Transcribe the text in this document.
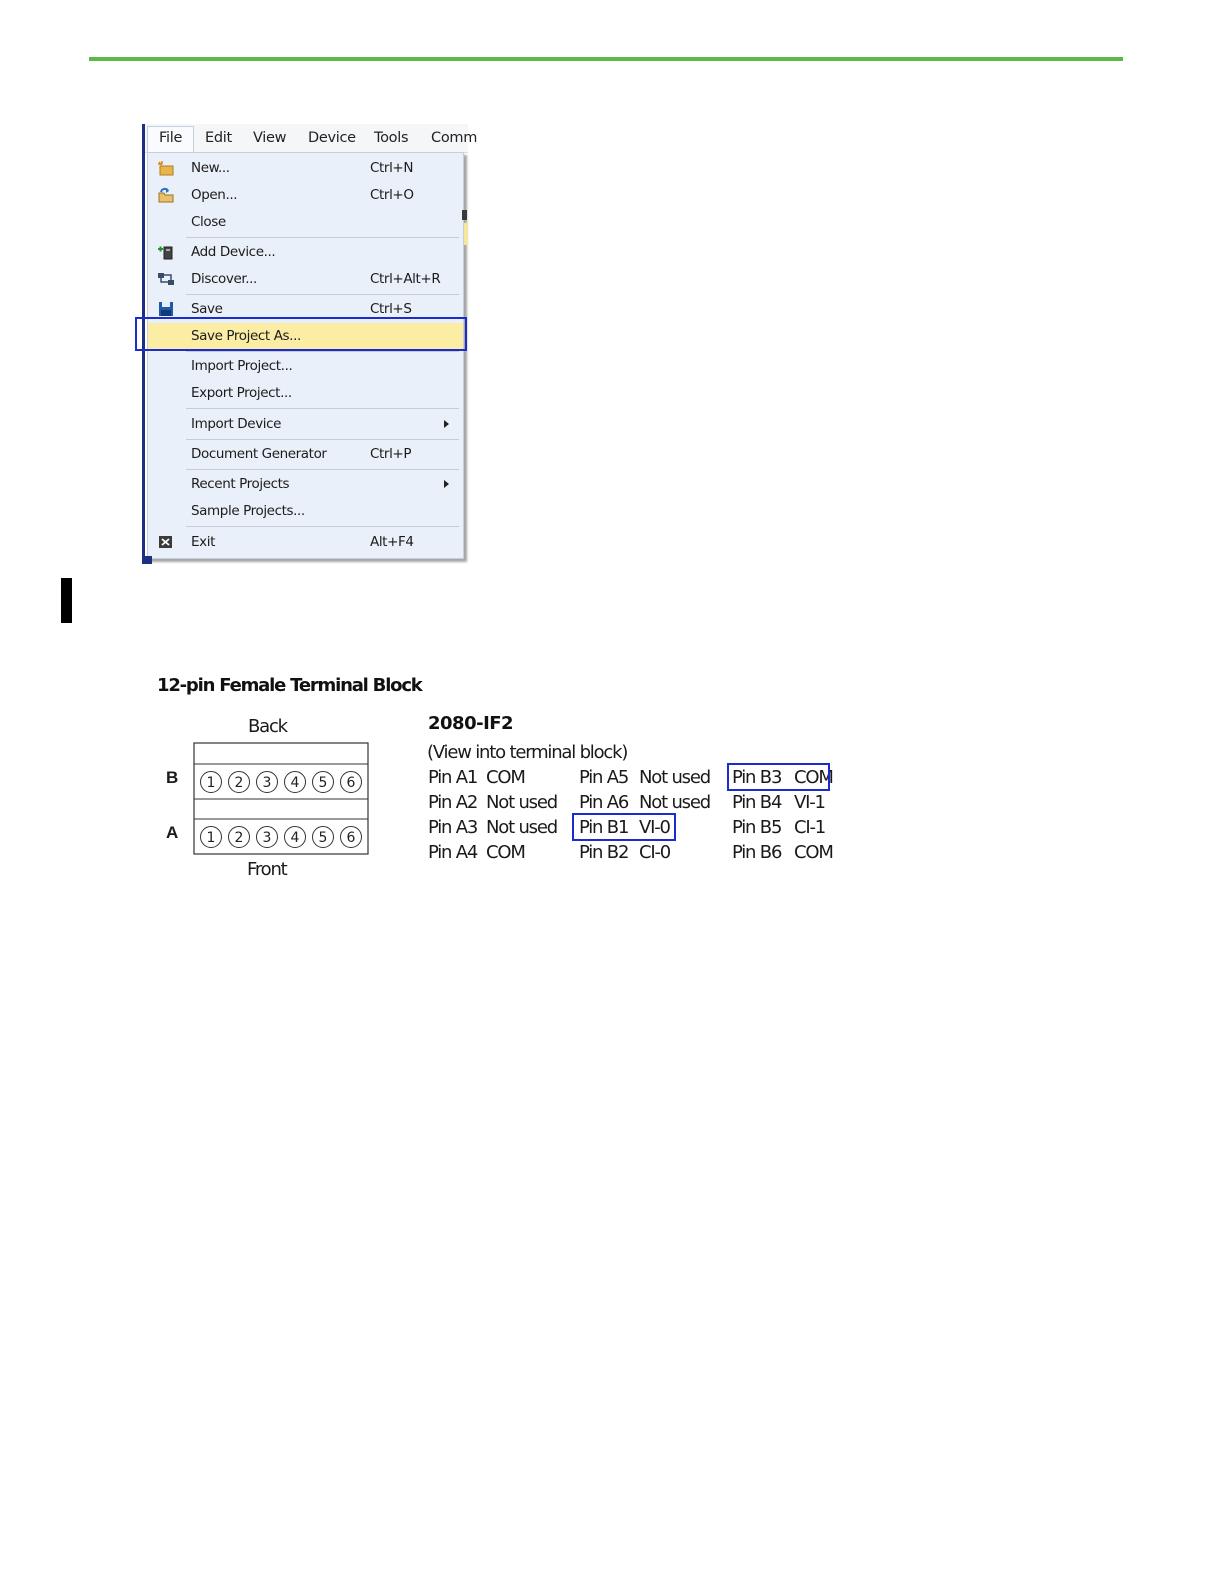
File	Edit View Device Tools Comm
New...	Ctrl+N
Open...	Ctrl+O
Close
Add Device...
Discover...	Ctrl+Alt+R
Save	Ctrl+S
Save Project As...
Import Project...
Export Project...
Import Device
Document Generator	Ctrl+P
Recent Projects
Sample Projects...
Exit	Alt+F4
12-pin Female Terminal Block
Back
B
A
1 2 3 4 5 6
1 2 3 4 5 6
Front
2080-IF2
(View into terminal block)
Pin A1 COM	Pin A5 Not used Pin B3 COM
Pin A2 Not used Pin A6 Not used Pin B4 VI-1
Pin A3 Not used Pin B1 VI-0	Pin B5 CI-1
Pin A4 COM	Pin B2 CI-0	Pin B6 COM
